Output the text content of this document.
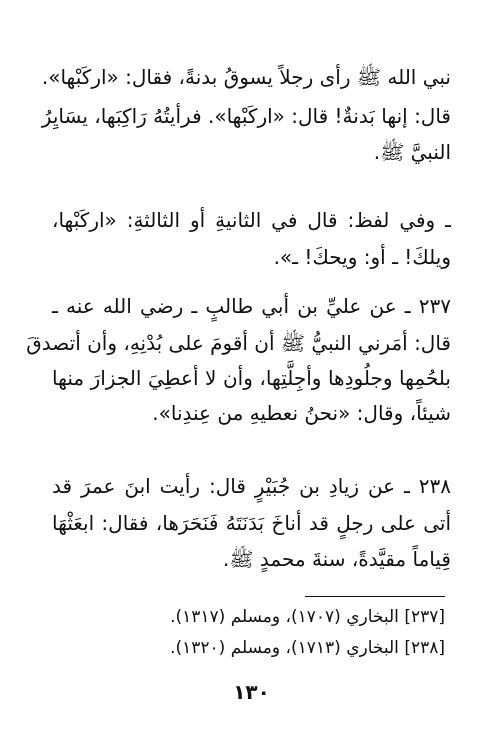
نبي الله ﷺ رأى رجلاً يسوقُ بدنةً، فقال: «اركَبْها».
قال: إنها بَدنةٌ! قال: «اركَبْها». فرأيتُهُ رَاكِبَها، يسَايِرُ
النبيَّ ﷺ.
ـ وفي لفظ: قال في الثانيةِ أو الثالثةِ: «اركَبْها،
ويلكَ! ـ أو: ويحكَ! ـ».
٢٣٧ ـ عن عليِّ بن أبي طالبٍ ـ رضي الله عنه ـ
قال: أمَرني النبيُّ ﷺ أن أقومَ على بُدْنِهِ، وأن أتصدقَ
بلحُمِها وجلُودِها وأجِلَّتِها، وأن لا أعطِيَ الجزارَ منها
شيئاً، وقال: «نحنُ نعطيهِ من عِندِنا».
٢٣٨ ـ عن زيادِ بن جُبَيْرٍ قال: رأيت ابنَ عمرَ قد
أتى على رجلٍ قد أناخَ بَدَنَتَهُ فَنَحَرَها، فقال: ابعَثْهَا
قِياماً مقيَّدةً، سنةَ محمدٍ ﷺ.
[٢٣٧] البخاري (١٧٠٧)، ومسلم (١٣١٧).
[٢٣٨] البخاري (١٧١٣)، ومسلم (١٣٢٠).
١٣٠
